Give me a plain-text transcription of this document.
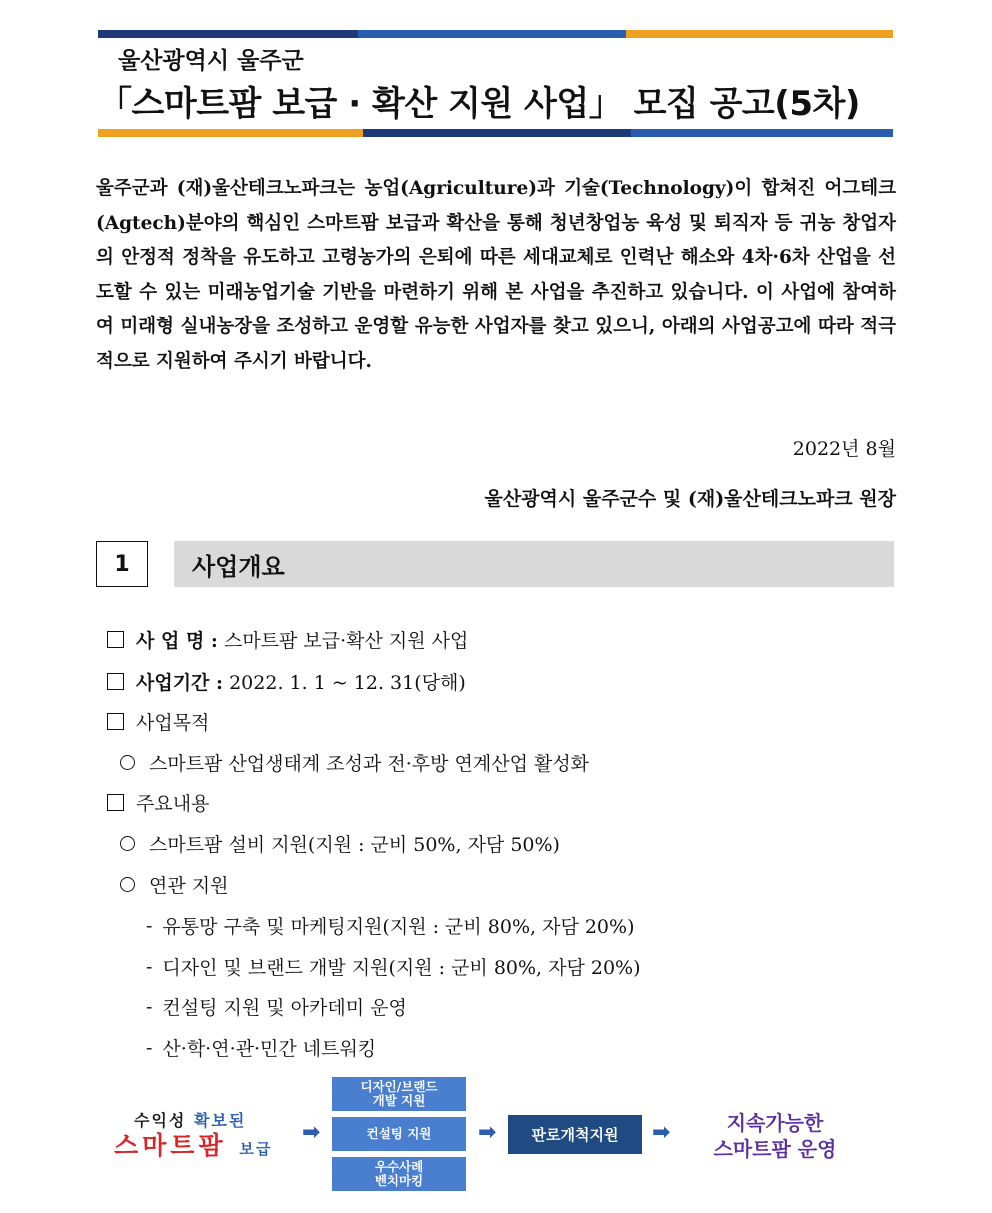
울산광역시 울주군
「스마트팜 보급 · 확산 지원 사업」 모집 공고(5차)

울주군과 (재)울산테크노파크는 농업(Agriculture)과 기술(Technology)이 합쳐진 어그테크(Agtech)분야의 핵심인 스마트팜 보급과 확산을 통해 청년창업농 육성 및 퇴직자 등 귀농 창업자의 안정적 정착을 유도하고 고령농가의 은퇴에 따른 세대교체로 인력난 해소와 4차·6차 산업을 선도할 수 있는 미래농업기술 기반을 마련하기 위해 본 사업을 추진하고 있습니다. 이 사업에 참여하여 미래형 실내농장을 조성하고 운영할 유능한 사업자를 찾고 있으니, 아래의 사업공고에 따라 적극적으로 지원하여 주시기 바랍니다.

2022년 8월
울산광역시 울주군수 및 (재)울산테크노파크 원장
1	사업개요
사 업 명 :
스마트팜 보급·확산 지원 사업
사업기간 :
2022. 1. 1 ~ 12. 31(당해)
사업목적
스마트팜 산업생태계 조성과 전·후방 연계산업 활성화
주요내용
스마트팜 설비 지원(지원 : 군비 50%, 자담 50%)
연관 지원
- 유통망 구축 및 마케팅지원(지원 : 군비 80%, 자담 20%)
- 디자인 및 브랜드 개발 지원(지원 : 군비 80%, 자담 20%)
- 컨설팅 지원 및 아카데미 운영
- 산·학·연·관·민간 네트워킹
수익성 확보된
스마트팜 보급
➡
디자인/브랜드
개발 지원
컨설팅 지원
우수사례
벤치마킹
➡	판로개척지원	➡	지속가능한
스마트팜 운영
